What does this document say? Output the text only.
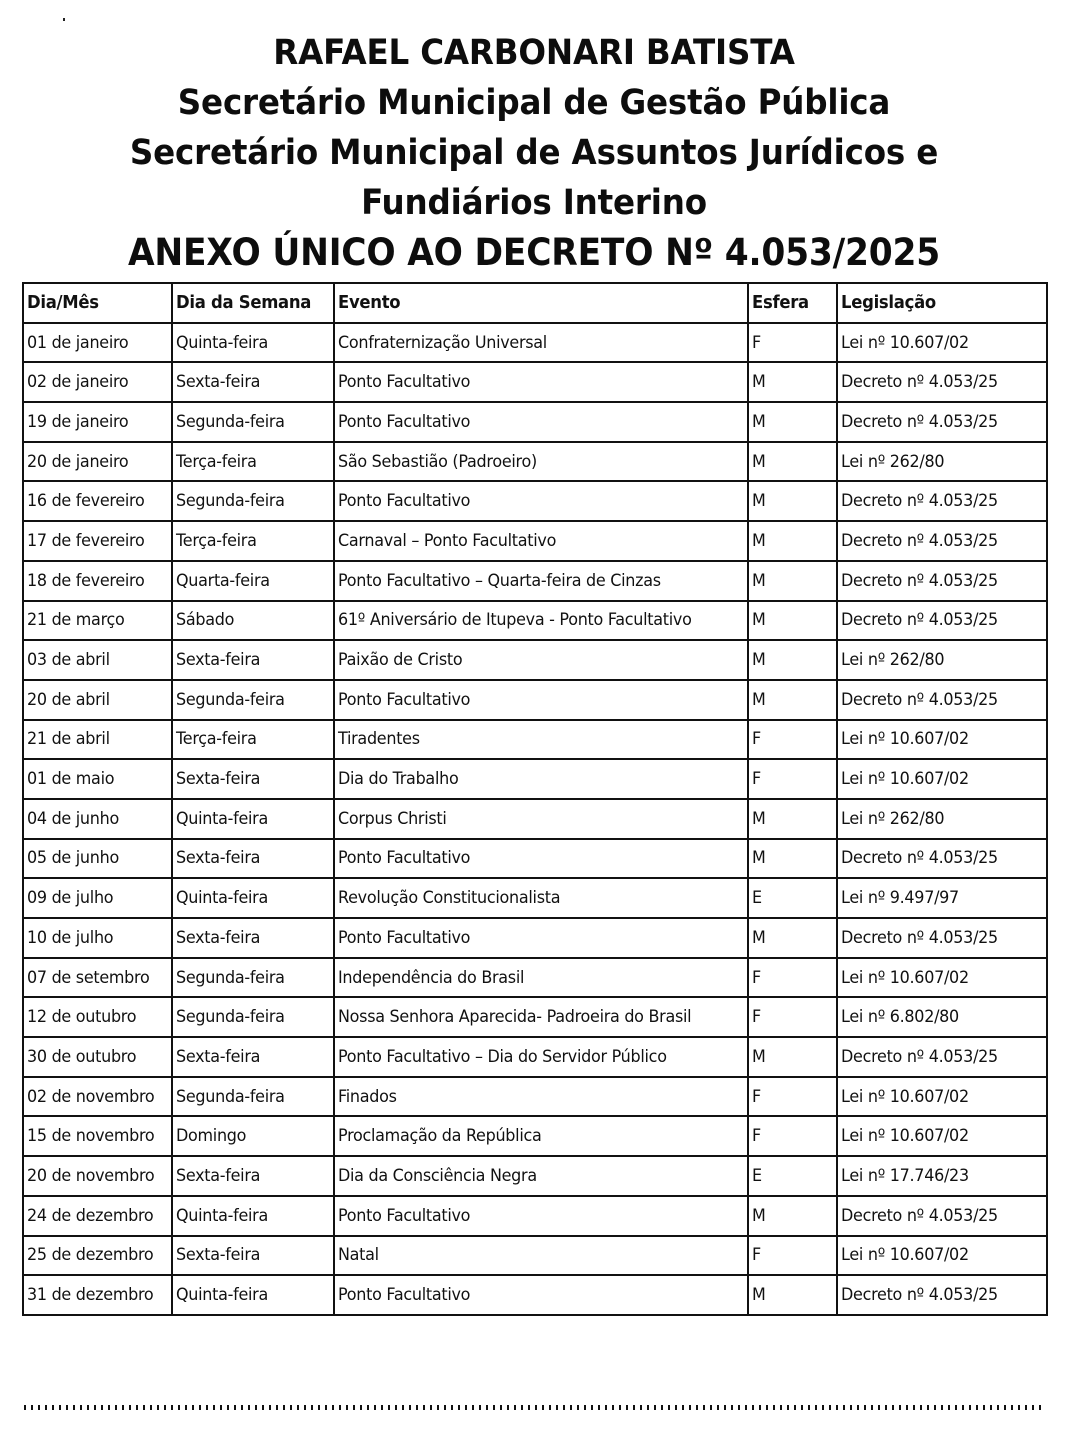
RAFAEL CARBONARI BATISTA
Secretário Municipal de Gestão Pública
Secretário Municipal de Assuntos Jurídicos e
Fundiários Interino
ANEXO ÚNICO AO DECRETO Nº 4.053/2025
Dia/Mês	Dia da Semana	Evento	Esfera	Legislação
01 de janeiro	Quinta-feira	Confraternização Universal	F	Lei nº 10.607/02
02 de janeiro	Sexta-feira	Ponto Facultativo	M	Decreto nº 4.053/25
19 de janeiro	Segunda-feira	Ponto Facultativo	M	Decreto nº 4.053/25
20 de janeiro	Terça-feira	São Sebastião (Padroeiro)	M	Lei nº 262/80
16 de fevereiro	Segunda-feira	Ponto Facultativo	M	Decreto nº 4.053/25
17 de fevereiro	Terça-feira	Carnaval – Ponto Facultativo	M	Decreto nº 4.053/25
18 de fevereiro	Quarta-feira	Ponto Facultativo – Quarta-feira de Cinzas	M	Decreto nº 4.053/25
21 de março	Sábado	61º Aniversário de Itupeva - Ponto Facultativo	M	Decreto nº 4.053/25
03 de abril	Sexta-feira	Paixão de Cristo	M	Lei nº 262/80
20 de abril	Segunda-feira	Ponto Facultativo	M	Decreto nº 4.053/25
21 de abril	Terça-feira	Tiradentes	F	Lei nº 10.607/02
01 de maio	Sexta-feira	Dia do Trabalho	F	Lei nº 10.607/02
04 de junho	Quinta-feira	Corpus Christi	M	Lei nº 262/80
05 de junho	Sexta-feira	Ponto Facultativo	M	Decreto nº 4.053/25
09 de julho	Quinta-feira	Revolução Constitucionalista	E	Lei nº 9.497/97
10 de julho	Sexta-feira	Ponto Facultativo	M	Decreto nº 4.053/25
07 de setembro	Segunda-feira	Independência do Brasil	F	Lei nº 10.607/02
12 de outubro	Segunda-feira	Nossa Senhora Aparecida- Padroeira do Brasil	F	Lei nº 6.802/80
30 de outubro	Sexta-feira	Ponto Facultativo – Dia do Servidor Público	M	Decreto nº 4.053/25
02 de novembro	Segunda-feira	Finados	F	Lei nº 10.607/02
15 de novembro	Domingo	Proclamação da República	F	Lei nº 10.607/02
20 de novembro	Sexta-feira	Dia da Consciência Negra	E	Lei nº 17.746/23
24 de dezembro	Quinta-feira	Ponto Facultativo	M	Decreto nº 4.053/25
25 de dezembro	Sexta-feira	Natal	F	Lei nº 10.607/02
31 de dezembro	Quinta-feira	Ponto Facultativo	M	Decreto nº 4.053/25
